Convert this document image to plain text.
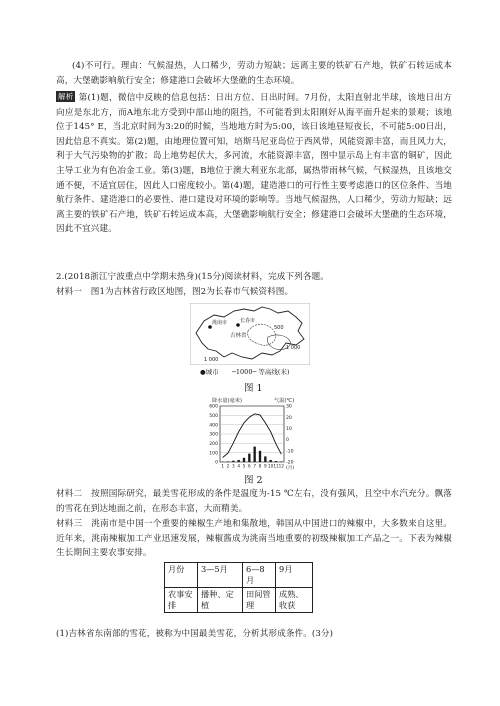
(4)不可行。理由：气候湿热，人口稀少，劳动力短缺；远离主要的铁矿石产地，铁矿石转运成本高，大堡礁影响航行安全；修建港口会破坏大堡礁的生态环境。
解析 第(1)题，微信中反映的信息包括：日出方位、日出时间。7月份，太阳直射北半球，该地日出方向应是东北方，而A地东北方受到中部山地的阻挡，不可能看到太阳刚好从海平面升起来的景观；该地位于145° E，当北京时间为3:20的时候，当地地方时为5:00，该日该地昼短夜长，不可能5:00日出，因此信息不真实。第(2)题，由地理位置可知，培斯马尼亚岛位于西风带，风能资源丰富，而且风力大，利于大气污染物的扩散；岛上地势起伏大，多河流，水能资源丰富，图中显示岛上有丰富的铜矿，因此主导工业为有色冶金工业。第(3)题，B地位于澳大利亚东北部，属热带雨林气候，气候湿热，且该地交通不便，不适宜居住，因此人口密度较小。第(4)题，建造港口的可行性主要考虑港口的区位条件、当地航行条件、建造港口的必要性、港口建设对环境的影响等。当地气候湿热，人口稀少，劳动力短缺；远离主要的铁矿石产地，铁矿石转运成本高，大堡礁影响航行安全；修建港口会破坏大堡礁的生态环境，因此不宜兴建。
2.(2018浙江宁波重点中学期末热身)(15分)阅读材料，完成下列各题。
材料一　图1为吉林省行政区地图，图2为长春市气候资料图。
洮南市	长春市
吉林省
500
1 000
1 000
●城市 ─1000─ 等高线(米)
图 1
降水量(毫米)	气温(℃)
600
500
400
300
200
100
0
30
20
10
0
-10
-20
1 2 3 4 5 6 7 8 9 10 11 12 (月)
图 2
材料二　按照国际研究，最美雪花形成的条件是温度为-15 ℃左右，没有强风，且空中水汽充分。飘落的雪花在到达地面之前，在形态丰富，大而精美。
材料三　洮南市是中国一个重要的辣椒生产地和集散地，韩国从中国进口的辣椒中，大多数来自这里。近年来，洮南辣椒加工产业迅速发展，辣椒酱成为洮南当地重要的初级辣椒加工产品之一。下表为辣椒生长期间主要农事安排。
月份	3—5月	6—8月	9月
农事安排	播种、定植	田间管理	成熟、收获
(1)吉林省东南部的雪花，被称为中国最美雪花，分析其形成条件。(3分)
